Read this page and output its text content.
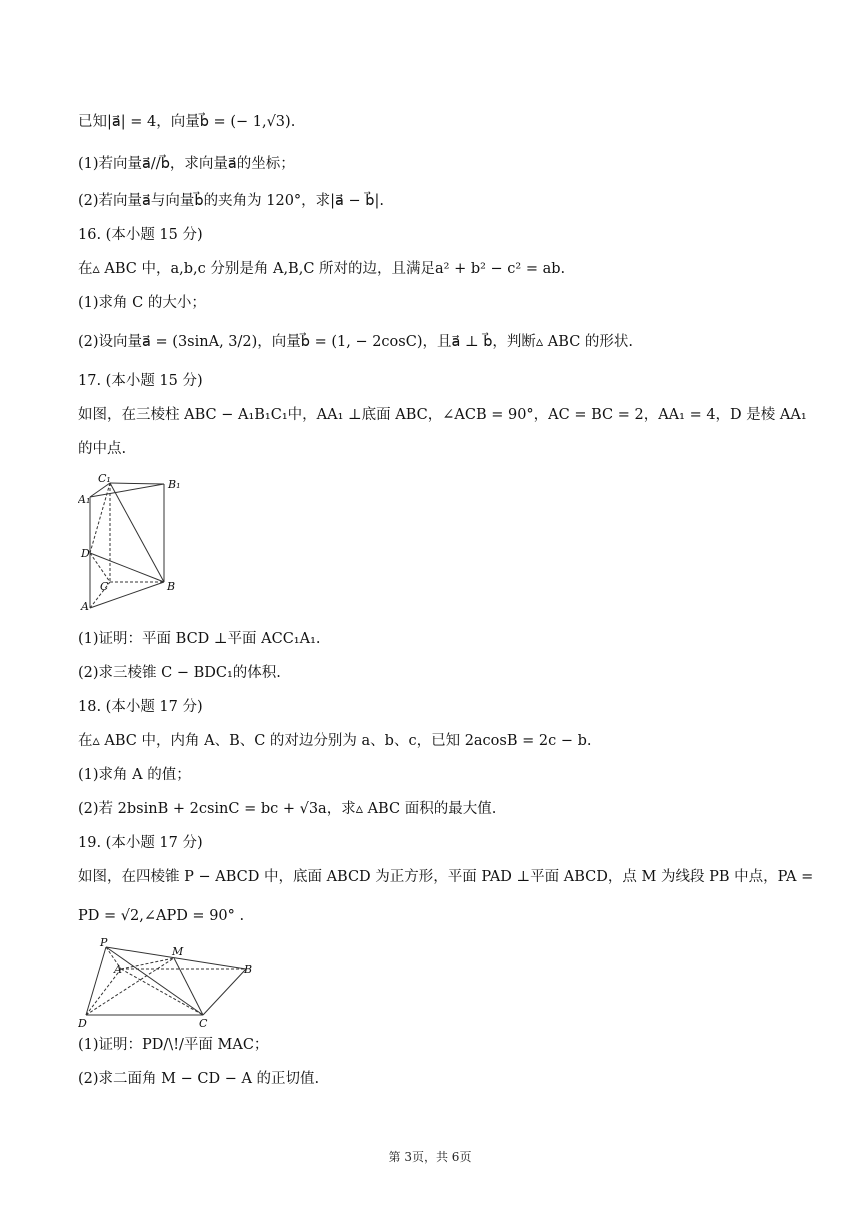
已知|a⃗| = 4，向量b⃗ = (− 1,√3).
(1)若向量a⃗//b⃗，求向量a⃗的坐标；
(2)若向量a⃗与向量b⃗的夹角为 120°，求|a⃗ − b⃗|.
16. (本小题 15 分)
在▵ ABC 中，a,b,c 分别是角 A,B,C 所对的边，且满足a² + b² − c² = ab.
(1)求角 C 的大小；
(2)设向量a⃗ = (3sinA, 3/2)，向量b⃗ = (1, − 2cosC)，且a⃗ ⊥ b⃗，判断▵ ABC 的形状.
17. (本小题 15 分)
如图，在三棱柱 ABC − A₁B₁C₁中，AA₁ ⊥底面 ABC，∠ACB = 90°，AC = BC = 2，AA₁ = 4，D 是棱 AA₁
的中点.
C₁	B₁
A₁
D
C	B
A
(1)证明：平面 BCD ⊥平面 ACC₁A₁.
(2)求三棱锥 C − BDC₁的体积.
18. (本小题 17 分)
在▵ ABC 中，内角 A、B、C 的对边分别为 a、b、c，已知 2acosB = 2c − b.
(1)求角 A 的值；
(2)若 2bsinB + 2csinC = bc + √3a，求▵ ABC 面积的最大值.
19. (本小题 17 分)
如图，在四棱锥 P − ABCD 中，底面 ABCD 为正方形，平面 PAD ⊥平面 ABCD，点 M 为线段 PB 中点，PA =
PD = √2,∠APD = 90° .
P
M
A	B
D	C
(1)证明：PD/\!/平面 MAC；
(2)求二面角 M − CD − A 的正切值.
第 3页，共 6页
